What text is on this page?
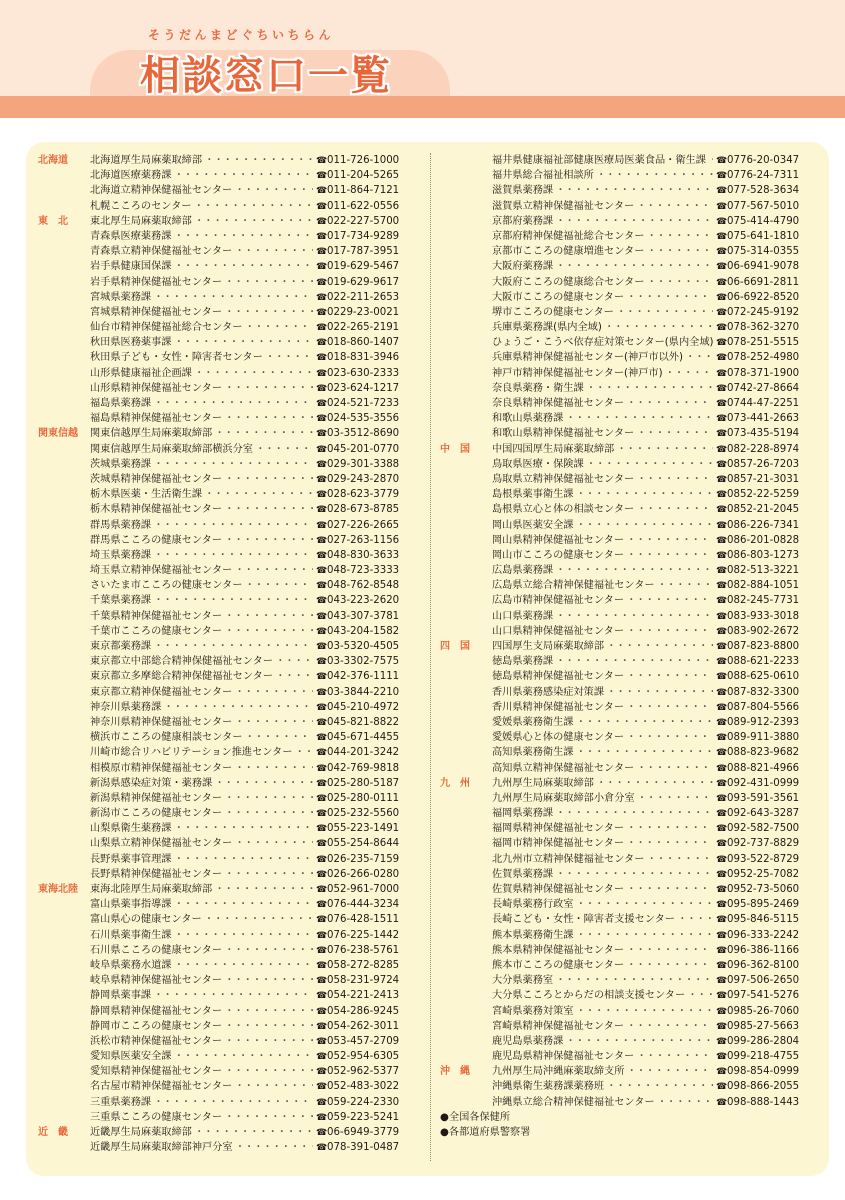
そうだんまどぐちいちらん
相談窓口一覧
北海道	北海道厚生局麻薬取締部 ・・・・・・・・・・・・・・・・・・・・・・・・・・・・・・・・・・・・・・・・・・・・	☎011-726-1000
北海道医療薬務課 ・・・・・・・・・・・・・・・・・・・・・・・・・・・・・・・・・・・・・・・・・・・・	☎011-204-5265
北海道立精神保健福祉センター ・・・・・・・・・・・・・・・・・・・・・・・・・・・・・・・・・・・・・・・・・・・・	☎011-864-7121
札幌こころのセンター ・・・・・・・・・・・・・・・・・・・・・・・・・・・・・・・・・・・・・・・・・・・・	☎011-622-0556
東　北	東北厚生局麻薬取締部 ・・・・・・・・・・・・・・・・・・・・・・・・・・・・・・・・・・・・・・・・・・・・	☎022-227-5700
青森県医療薬務課 ・・・・・・・・・・・・・・・・・・・・・・・・・・・・・・・・・・・・・・・・・・・・	☎017-734-9289
青森県立精神保健福祉センター ・・・・・・・・・・・・・・・・・・・・・・・・・・・・・・・・・・・・・・・・・・・・	☎017-787-3951
岩手県健康国保課 ・・・・・・・・・・・・・・・・・・・・・・・・・・・・・・・・・・・・・・・・・・・・	☎019-629-5467
岩手県精神保健福祉センター ・・・・・・・・・・・・・・・・・・・・・・・・・・・・・・・・・・・・・・・・・・・・	☎019-629-9617
宮城県薬務課 ・・・・・・・・・・・・・・・・・・・・・・・・・・・・・・・・・・・・・・・・・・・・	☎022-211-2653
宮城県精神保健福祉センター ・・・・・・・・・・・・・・・・・・・・・・・・・・・・・・・・・・・・・・・・・・・・	☎0229-23-0021
仙台市精神保健福祉総合センター ・・・・・・・・・・・・・・・・・・・・・・・・・・・・・・・・・・・・・・・・・・・・	☎022-265-2191
秋田県医務薬事課 ・・・・・・・・・・・・・・・・・・・・・・・・・・・・・・・・・・・・・・・・・・・・	☎018-860-1407
秋田県子ども・女性・障害者センター ・・・・・・・・・・・・・・・・・・・・・・・・・・・・・・・・・・・・・・・・・・・・	☎018-831-3946
山形県健康福祉企画課 ・・・・・・・・・・・・・・・・・・・・・・・・・・・・・・・・・・・・・・・・・・・・	☎023-630-2333
山形県精神保健福祉センター ・・・・・・・・・・・・・・・・・・・・・・・・・・・・・・・・・・・・・・・・・・・・	☎023-624-1217
福島県薬務課 ・・・・・・・・・・・・・・・・・・・・・・・・・・・・・・・・・・・・・・・・・・・・	☎024-521-7233
福島県精神保健福祉センター ・・・・・・・・・・・・・・・・・・・・・・・・・・・・・・・・・・・・・・・・・・・・	☎024-535-3556
関東信越	関東信越厚生局麻薬取締部 ・・・・・・・・・・・・・・・・・・・・・・・・・・・・・・・・・・・・・・・・・・・・	☎03-3512-8690
関東信越厚生局麻薬取締部横浜分室 ・・・・・・・・・・・・・・・・・・・・・・・・・・・・・・・・・・・・・・・・・・・・	☎045-201-0770
茨城県薬務課 ・・・・・・・・・・・・・・・・・・・・・・・・・・・・・・・・・・・・・・・・・・・・	☎029-301-3388
茨城県精神保健福祉センター ・・・・・・・・・・・・・・・・・・・・・・・・・・・・・・・・・・・・・・・・・・・・	☎029-243-2870
栃木県医薬・生活衛生課 ・・・・・・・・・・・・・・・・・・・・・・・・・・・・・・・・・・・・・・・・・・・・	☎028-623-3779
栃木県精神保健福祉センター ・・・・・・・・・・・・・・・・・・・・・・・・・・・・・・・・・・・・・・・・・・・・	☎028-673-8785
群馬県薬務課 ・・・・・・・・・・・・・・・・・・・・・・・・・・・・・・・・・・・・・・・・・・・・	☎027-226-2665
群馬県こころの健康センター ・・・・・・・・・・・・・・・・・・・・・・・・・・・・・・・・・・・・・・・・・・・・	☎027-263-1156
埼玉県薬務課 ・・・・・・・・・・・・・・・・・・・・・・・・・・・・・・・・・・・・・・・・・・・・	☎048-830-3633
埼玉県立精神保健福祉センター ・・・・・・・・・・・・・・・・・・・・・・・・・・・・・・・・・・・・・・・・・・・・	☎048-723-3333
さいたま市こころの健康センター ・・・・・・・・・・・・・・・・・・・・・・・・・・・・・・・・・・・・・・・・・・・・	☎048-762-8548
千葉県薬務課 ・・・・・・・・・・・・・・・・・・・・・・・・・・・・・・・・・・・・・・・・・・・・	☎043-223-2620
千葉県精神保健福祉センター ・・・・・・・・・・・・・・・・・・・・・・・・・・・・・・・・・・・・・・・・・・・・	☎043-307-3781
千葉市こころの健康センター ・・・・・・・・・・・・・・・・・・・・・・・・・・・・・・・・・・・・・・・・・・・・	☎043-204-1582
東京都薬務課 ・・・・・・・・・・・・・・・・・・・・・・・・・・・・・・・・・・・・・・・・・・・・	☎03-5320-4505
東京都立中部総合精神保健福祉センター ・・・・・・・・・・・・・・・・・・・・・・・・・・・・・・・・・・・・・・・・・・・・	☎03-3302-7575
東京都立多摩総合精神保健福祉センター ・・・・・・・・・・・・・・・・・・・・・・・・・・・・・・・・・・・・・・・・・・・・	☎042-376-1111
東京都立精神保健福祉センター ・・・・・・・・・・・・・・・・・・・・・・・・・・・・・・・・・・・・・・・・・・・・	☎03-3844-2210
神奈川県薬務課 ・・・・・・・・・・・・・・・・・・・・・・・・・・・・・・・・・・・・・・・・・・・・	☎045-210-4972
神奈川県精神保健福祉センター ・・・・・・・・・・・・・・・・・・・・・・・・・・・・・・・・・・・・・・・・・・・・	☎045-821-8822
横浜市こころの健康相談センター ・・・・・・・・・・・・・・・・・・・・・・・・・・・・・・・・・・・・・・・・・・・・	☎045-671-4455
川崎市総合リハビリテーション推進センター ・・・・・・・・・・・・・・・・・・・・・・・・・・・・・・・・・・・・・・・・・・・・	☎044-201-3242
相模原市精神保健福祉センター ・・・・・・・・・・・・・・・・・・・・・・・・・・・・・・・・・・・・・・・・・・・・	☎042-769-9818
新潟県感染症対策・薬務課 ・・・・・・・・・・・・・・・・・・・・・・・・・・・・・・・・・・・・・・・・・・・・	☎025-280-5187
新潟県精神保健福祉センター ・・・・・・・・・・・・・・・・・・・・・・・・・・・・・・・・・・・・・・・・・・・・	☎025-280-0111
新潟市こころの健康センター ・・・・・・・・・・・・・・・・・・・・・・・・・・・・・・・・・・・・・・・・・・・・	☎025-232-5560
山梨県衛生薬務課 ・・・・・・・・・・・・・・・・・・・・・・・・・・・・・・・・・・・・・・・・・・・・	☎055-223-1491
山梨県立精神保健福祉センター ・・・・・・・・・・・・・・・・・・・・・・・・・・・・・・・・・・・・・・・・・・・・	☎055-254-8644
長野県薬事管理課 ・・・・・・・・・・・・・・・・・・・・・・・・・・・・・・・・・・・・・・・・・・・・	☎026-235-7159
長野県精神保健福祉センター ・・・・・・・・・・・・・・・・・・・・・・・・・・・・・・・・・・・・・・・・・・・・	☎026-266-0280
東海北陸	東海北陸厚生局麻薬取締部 ・・・・・・・・・・・・・・・・・・・・・・・・・・・・・・・・・・・・・・・・・・・・	☎052-961-7000
富山県薬事指導課 ・・・・・・・・・・・・・・・・・・・・・・・・・・・・・・・・・・・・・・・・・・・・	☎076-444-3234
富山県心の健康センター ・・・・・・・・・・・・・・・・・・・・・・・・・・・・・・・・・・・・・・・・・・・・	☎076-428-1511
石川県薬事衛生課 ・・・・・・・・・・・・・・・・・・・・・・・・・・・・・・・・・・・・・・・・・・・・	☎076-225-1442
石川県こころの健康センター ・・・・・・・・・・・・・・・・・・・・・・・・・・・・・・・・・・・・・・・・・・・・	☎076-238-5761
岐阜県薬務水道課 ・・・・・・・・・・・・・・・・・・・・・・・・・・・・・・・・・・・・・・・・・・・・	☎058-272-8285
岐阜県精神保健福祉センター ・・・・・・・・・・・・・・・・・・・・・・・・・・・・・・・・・・・・・・・・・・・・	☎058-231-9724
静岡県薬事課 ・・・・・・・・・・・・・・・・・・・・・・・・・・・・・・・・・・・・・・・・・・・・	☎054-221-2413
静岡県精神保健福祉センター ・・・・・・・・・・・・・・・・・・・・・・・・・・・・・・・・・・・・・・・・・・・・	☎054-286-9245
静岡市こころの健康センター ・・・・・・・・・・・・・・・・・・・・・・・・・・・・・・・・・・・・・・・・・・・・	☎054-262-3011
浜松市精神保健福祉センター ・・・・・・・・・・・・・・・・・・・・・・・・・・・・・・・・・・・・・・・・・・・・	☎053-457-2709
愛知県医薬安全課 ・・・・・・・・・・・・・・・・・・・・・・・・・・・・・・・・・・・・・・・・・・・・	☎052-954-6305
愛知県精神保健福祉センター ・・・・・・・・・・・・・・・・・・・・・・・・・・・・・・・・・・・・・・・・・・・・	☎052-962-5377
名古屋市精神保健福祉センター ・・・・・・・・・・・・・・・・・・・・・・・・・・・・・・・・・・・・・・・・・・・・	☎052-483-3022
三重県薬務課 ・・・・・・・・・・・・・・・・・・・・・・・・・・・・・・・・・・・・・・・・・・・・	☎059-224-2330
三重県こころの健康センター ・・・・・・・・・・・・・・・・・・・・・・・・・・・・・・・・・・・・・・・・・・・・	☎059-223-5241
近　畿	近畿厚生局麻薬取締部 ・・・・・・・・・・・・・・・・・・・・・・・・・・・・・・・・・・・・・・・・・・・・	☎06-6949-3779
近畿厚生局麻薬取締部神戸分室 ・・・・・・・・・・・・・・・・・・・・・・・・・・・・・・・・・・・・・・・・・・・・	☎078-391-0487
福井県健康福祉部健康医療局医薬食品・衛生課 ・・・・・・・・・・・・・・・・・・・・・・・・・・・・・・・・・・・・・・・・・・・・	☎0776-20-0347
福井県総合福祉相談所 ・・・・・・・・・・・・・・・・・・・・・・・・・・・・・・・・・・・・・・・・・・・・	☎0776-24-7311
滋賀県薬務課 ・・・・・・・・・・・・・・・・・・・・・・・・・・・・・・・・・・・・・・・・・・・・	☎077-528-3634
滋賀県立精神保健福祉センター ・・・・・・・・・・・・・・・・・・・・・・・・・・・・・・・・・・・・・・・・・・・・	☎077-567-5010
京都府薬務課 ・・・・・・・・・・・・・・・・・・・・・・・・・・・・・・・・・・・・・・・・・・・・	☎075-414-4790
京都府精神保健福祉総合センター ・・・・・・・・・・・・・・・・・・・・・・・・・・・・・・・・・・・・・・・・・・・・	☎075-641-1810
京都市こころの健康増進センター ・・・・・・・・・・・・・・・・・・・・・・・・・・・・・・・・・・・・・・・・・・・・	☎075-314-0355
大阪府薬務課 ・・・・・・・・・・・・・・・・・・・・・・・・・・・・・・・・・・・・・・・・・・・・	☎06-6941-9078
大阪府こころの健康総合センター ・・・・・・・・・・・・・・・・・・・・・・・・・・・・・・・・・・・・・・・・・・・・	☎06-6691-2811
大阪市こころの健康センター ・・・・・・・・・・・・・・・・・・・・・・・・・・・・・・・・・・・・・・・・・・・・	☎06-6922-8520
堺市こころの健康センター ・・・・・・・・・・・・・・・・・・・・・・・・・・・・・・・・・・・・・・・・・・・・	☎072-245-9192
兵庫県薬務課(県内全域) ・・・・・・・・・・・・・・・・・・・・・・・・・・・・・・・・・・・・・・・・・・・・	☎078-362-3270
ひょうご・こうべ依存症対策センター(県内全域) ・・・・・・・・・・・・・・・・・・・・・・・・・・・・・・・・・・・・・・・・・・・・ ☎078-251-5515
兵庫県精神保健福祉センター(神戸市以外) ・・・・・・・・・・・・・・・・・・・・・・・・・・・・・・・・・・・・・・・・・・・・	☎078-252-4980
神戸市精神保健福祉センター(神戸市) ・・・・・・・・・・・・・・・・・・・・・・・・・・・・・・・・・・・・・・・・・・・・	☎078-371-1900
奈良県薬務・衛生課 ・・・・・・・・・・・・・・・・・・・・・・・・・・・・・・・・・・・・・・・・・・・・	☎0742-27-8664
奈良県精神保健福祉センター ・・・・・・・・・・・・・・・・・・・・・・・・・・・・・・・・・・・・・・・・・・・・	☎0744-47-2251
和歌山県薬務課 ・・・・・・・・・・・・・・・・・・・・・・・・・・・・・・・・・・・・・・・・・・・・	☎073-441-2663
和歌山県精神保健福祉センター ・・・・・・・・・・・・・・・・・・・・・・・・・・・・・・・・・・・・・・・・・・・・	☎073-435-5194
中　国	中国四国厚生局麻薬取締部 ・・・・・・・・・・・・・・・・・・・・・・・・・・・・・・・・・・・・・・・・・・・・	☎082-228-8974
鳥取県医療・保険課 ・・・・・・・・・・・・・・・・・・・・・・・・・・・・・・・・・・・・・・・・・・・・	☎0857-26-7203
鳥取県立精神保健福祉センター ・・・・・・・・・・・・・・・・・・・・・・・・・・・・・・・・・・・・・・・・・・・・	☎0857-21-3031
島根県薬事衛生課 ・・・・・・・・・・・・・・・・・・・・・・・・・・・・・・・・・・・・・・・・・・・・	☎0852-22-5259
島根県立心と体の相談センター ・・・・・・・・・・・・・・・・・・・・・・・・・・・・・・・・・・・・・・・・・・・・	☎0852-21-2045
岡山県医薬安全課 ・・・・・・・・・・・・・・・・・・・・・・・・・・・・・・・・・・・・・・・・・・・・	☎086-226-7341
岡山県精神保健福祉センター ・・・・・・・・・・・・・・・・・・・・・・・・・・・・・・・・・・・・・・・・・・・・	☎086-201-0828
岡山市こころの健康センター ・・・・・・・・・・・・・・・・・・・・・・・・・・・・・・・・・・・・・・・・・・・・	☎086-803-1273
広島県薬務課 ・・・・・・・・・・・・・・・・・・・・・・・・・・・・・・・・・・・・・・・・・・・・	☎082-513-3221
広島県立総合精神保健福祉センター ・・・・・・・・・・・・・・・・・・・・・・・・・・・・・・・・・・・・・・・・・・・・	☎082-884-1051
広島市精神保健福祉センター ・・・・・・・・・・・・・・・・・・・・・・・・・・・・・・・・・・・・・・・・・・・・	☎082-245-7731
山口県薬務課 ・・・・・・・・・・・・・・・・・・・・・・・・・・・・・・・・・・・・・・・・・・・・	☎083-933-3018
山口県精神保健福祉センター ・・・・・・・・・・・・・・・・・・・・・・・・・・・・・・・・・・・・・・・・・・・・	☎083-902-2672
四　国	四国厚生支局麻薬取締部 ・・・・・・・・・・・・・・・・・・・・・・・・・・・・・・・・・・・・・・・・・・・・	☎087-823-8800
徳島県薬務課 ・・・・・・・・・・・・・・・・・・・・・・・・・・・・・・・・・・・・・・・・・・・・	☎088-621-2233
徳島県精神保健福祉センター ・・・・・・・・・・・・・・・・・・・・・・・・・・・・・・・・・・・・・・・・・・・・	☎088-625-0610
香川県薬務感染症対策課 ・・・・・・・・・・・・・・・・・・・・・・・・・・・・・・・・・・・・・・・・・・・・	☎087-832-3300
香川県精神保健福祉センター ・・・・・・・・・・・・・・・・・・・・・・・・・・・・・・・・・・・・・・・・・・・・	☎087-804-5566
愛媛県薬務衛生課 ・・・・・・・・・・・・・・・・・・・・・・・・・・・・・・・・・・・・・・・・・・・・	☎089-912-2393
愛媛県心と体の健康センター ・・・・・・・・・・・・・・・・・・・・・・・・・・・・・・・・・・・・・・・・・・・・	☎089-911-3880
高知県薬務衛生課 ・・・・・・・・・・・・・・・・・・・・・・・・・・・・・・・・・・・・・・・・・・・・	☎088-823-9682
高知県立精神保健福祉センター ・・・・・・・・・・・・・・・・・・・・・・・・・・・・・・・・・・・・・・・・・・・・	☎088-821-4966
九　州	九州厚生局麻薬取締部 ・・・・・・・・・・・・・・・・・・・・・・・・・・・・・・・・・・・・・・・・・・・・	☎092-431-0999
九州厚生局麻薬取締部小倉分室 ・・・・・・・・・・・・・・・・・・・・・・・・・・・・・・・・・・・・・・・・・・・・	☎093-591-3561
福岡県薬務課 ・・・・・・・・・・・・・・・・・・・・・・・・・・・・・・・・・・・・・・・・・・・・	☎092-643-3287
福岡県精神保健福祉センター ・・・・・・・・・・・・・・・・・・・・・・・・・・・・・・・・・・・・・・・・・・・・	☎092-582-7500
福岡市精神保健福祉センター ・・・・・・・・・・・・・・・・・・・・・・・・・・・・・・・・・・・・・・・・・・・・	☎092-737-8829
北九州市立精神保健福祉センター ・・・・・・・・・・・・・・・・・・・・・・・・・・・・・・・・・・・・・・・・・・・・	☎093-522-8729
佐賀県薬務課 ・・・・・・・・・・・・・・・・・・・・・・・・・・・・・・・・・・・・・・・・・・・・	☎0952-25-7082
佐賀県精神保健福祉センター ・・・・・・・・・・・・・・・・・・・・・・・・・・・・・・・・・・・・・・・・・・・・	☎0952-73-5060
長崎県薬務行政室 ・・・・・・・・・・・・・・・・・・・・・・・・・・・・・・・・・・・・・・・・・・・・	☎095-895-2469
長崎こども・女性・障害者支援センター ・・・・・・・・・・・・・・・・・・・・・・・・・・・・・・・・・・・・・・・・・・・・	☎095-846-5115
熊本県薬務衛生課 ・・・・・・・・・・・・・・・・・・・・・・・・・・・・・・・・・・・・・・・・・・・・	☎096-333-2242
熊本県精神保健福祉センター ・・・・・・・・・・・・・・・・・・・・・・・・・・・・・・・・・・・・・・・・・・・・	☎096-386-1166
熊本市こころの健康センター ・・・・・・・・・・・・・・・・・・・・・・・・・・・・・・・・・・・・・・・・・・・・	☎096-362-8100
大分県薬務室 ・・・・・・・・・・・・・・・・・・・・・・・・・・・・・・・・・・・・・・・・・・・・	☎097-506-2650
大分県こころとからだの相談支援センター ・・・・・・・・・・・・・・・・・・・・・・・・・・・・・・・・・・・・・・・・・・・・	☎097-541-5276
宮崎県薬務対策室 ・・・・・・・・・・・・・・・・・・・・・・・・・・・・・・・・・・・・・・・・・・・・	☎0985-26-7060
宮崎県精神保健福祉センター ・・・・・・・・・・・・・・・・・・・・・・・・・・・・・・・・・・・・・・・・・・・・	☎0985-27-5663
鹿児島県薬務課 ・・・・・・・・・・・・・・・・・・・・・・・・・・・・・・・・・・・・・・・・・・・・	☎099-286-2804
鹿児島県精神保健福祉センター ・・・・・・・・・・・・・・・・・・・・・・・・・・・・・・・・・・・・・・・・・・・・	☎099-218-4755
沖　縄	九州厚生局沖縄麻薬取締支所 ・・・・・・・・・・・・・・・・・・・・・・・・・・・・・・・・・・・・・・・・・・・・	☎098-854-0999
沖縄県衛生薬務課薬務班 ・・・・・・・・・・・・・・・・・・・・・・・・・・・・・・・・・・・・・・・・・・・・	☎098-866-2055
沖縄県立総合精神保健福祉センター ・・・・・・・・・・・・・・・・・・・・・・・・・・・・・・・・・・・・・・・・・・・・	☎098-888-1443
●全国各保健所
●各都道府県警察署
